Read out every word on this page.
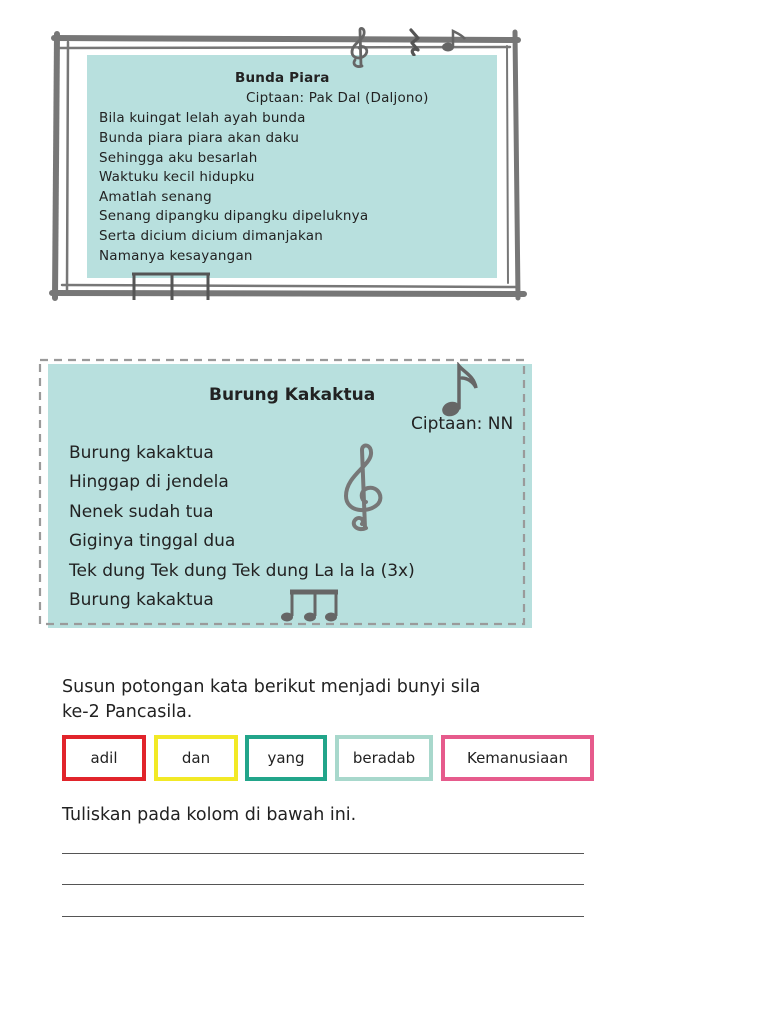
Bunda Piara
Ciptaan: Pak Dal (Daljono)
Bila kuingat lelah ayah bunda
Bunda piara piara akan daku
Sehingga aku besarlah
Waktuku kecil hidupku
Amatlah senang
Senang dipangku dipangku dipeluknya
Serta dicium dicium dimanjakan
Namanya kesayangan
Burung Kakaktua
Ciptaan: NN
Burung kakaktua
Hinggap di jendela
Nenek sudah tua
Giginya tinggal dua
Tek dung Tek dung Tek dung La la la (3x)
Burung kakaktua
Susun potongan kata berikut menjadi bunyi sila
ke-2 Pancasila.
adil	dan	yang	beradab	Kemanusiaan
Tuliskan pada kolom di bawah ini.
